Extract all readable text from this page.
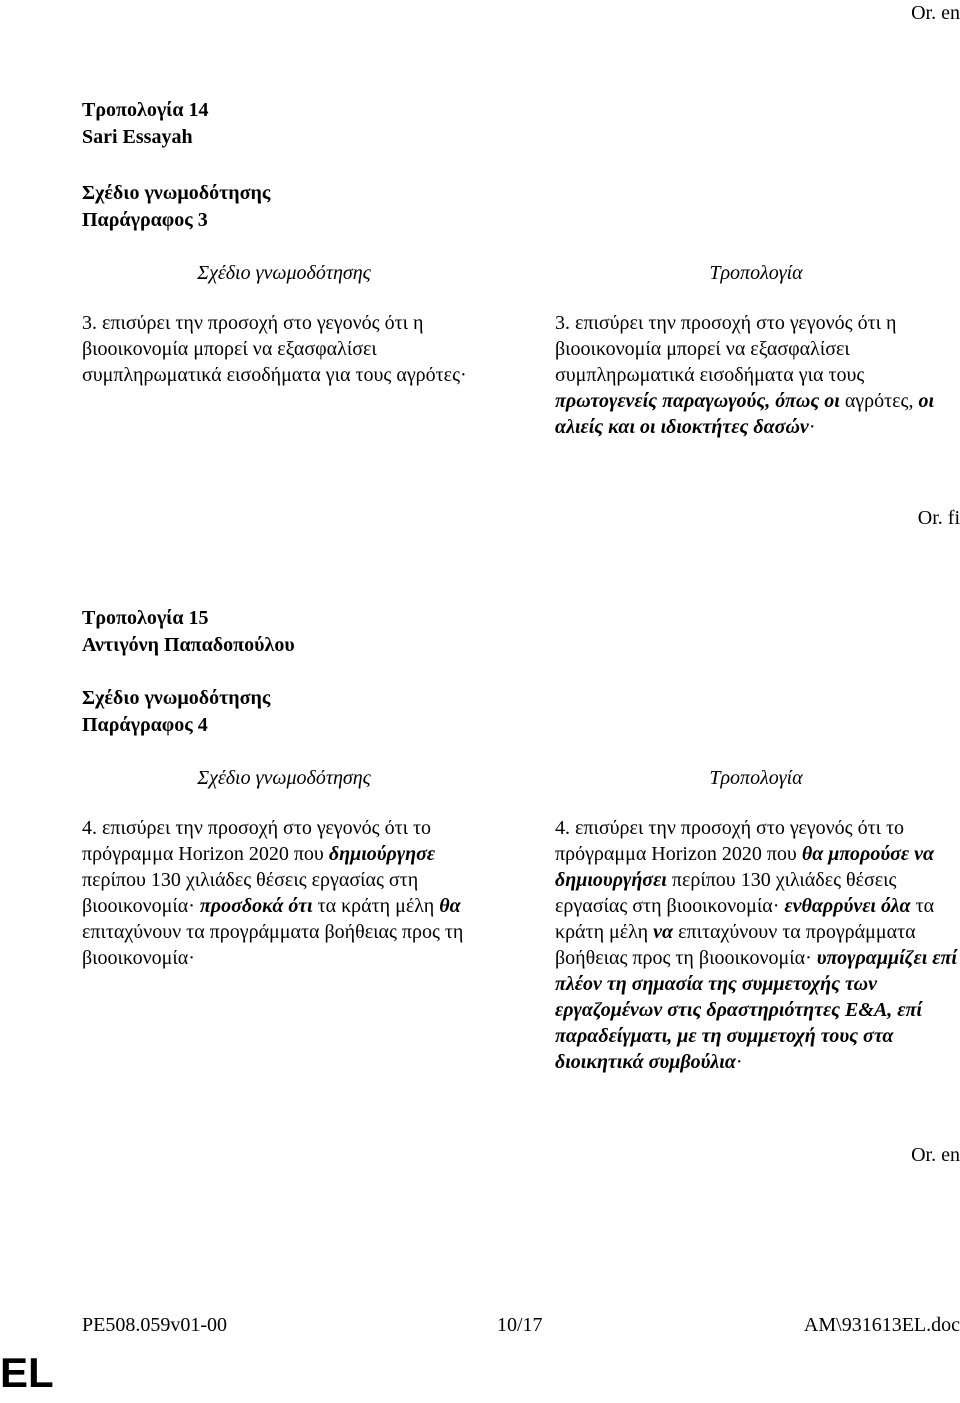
Or. en
Τροπολογία 14
Sari Essayah
Σχέδιο γνωμοδότησης
Παράγραφος 3
Σχέδιο γνωμοδότησης	Τροπολογία

3. επισύρει την προσοχή στο γεγονός ότι η βιοοικονομία μπορεί να εξασφαλίσει συμπληρωματικά εισοδήματα για τους αγρότες·

3. επισύρει την προσοχή στο γεγονός ότι η βιοοικονομία μπορεί να εξασφαλίσει συμπληρωματικά εισοδήματα για τους πρωτογενείς παραγωγούς, όπως οι αγρότες, οι αλιείς και οι ιδιοκτήτες δασών·

Or. fi
Τροπολογία 15
Αντιγόνη Παπαδοπούλου
Σχέδιο γνωμοδότησης
Παράγραφος 4
Σχέδιο γνωμοδότησης	Τροπολογία

4. επισύρει την προσοχή στο γεγονός ότι το πρόγραμμα Horizon 2020 που δημιούργησε περίπου 130 χιλιάδες θέσεις εργασίας στη βιοοικονομία· προσδοκά ότι τα κράτη μέλη θα επιταχύνουν τα προγράμματα βοήθειας προς τη βιοοικονομία·

4. επισύρει την προσοχή στο γεγονός ότι το πρόγραμμα Horizon 2020 που θα μπορούσε να δημιουργήσει περίπου 130 χιλιάδες θέσεις εργασίας στη βιοοικονομία· ενθαρρύνει όλα τα κράτη μέλη να επιταχύνουν τα προγράμματα βοήθειας προς τη βιοοικονομία· υπογραμμίζει επί πλέον τη σημασία της συμμετοχής των εργαζομένων στις δραστηριότητες Ε&Α, επί παραδείγματι, με τη συμμετοχή τους στα διοικητικά συμβούλια·

Or. en
PE508.059v01-00	10/17	AM\931613EL.doc
EL
